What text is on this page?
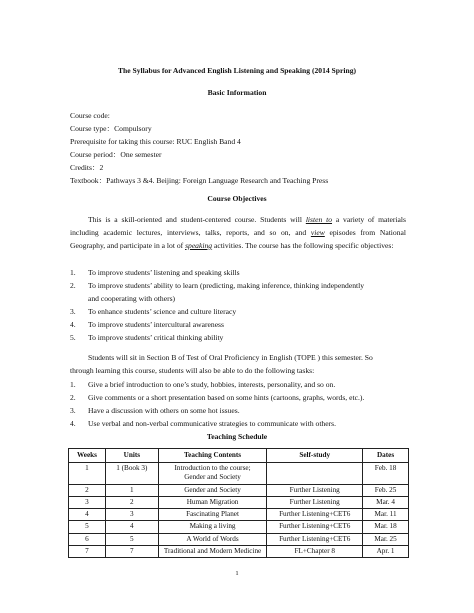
The Syllabus for Advanced English Listening and Speaking (2014 Spring)
Basic Information
Course code:
Course type：Compulsory
Prerequisite for taking this course: RUC English Band 4
Course period：One semester
Credits：2
Textbook：Pathways 3 &4. Beijing: Foreign Language Research and Teaching Press
Course Objectives
This is a skill-oriented and student-centered course. Students will listen to a variety of materials including academic lectures, interviews, talks, reports, and so on, and view episodes from National Geography, and participate in a lot of speaking activities. The course has the following specific objectives:
1. To improve students’ listening and speaking skills
2. To improve students’ ability to learn (predicting, making inference, thinking independently
and cooperating with others)
3. To enhance students’ science and culture literacy
4. To improve students’ intercultural awareness
5. To improve students’ critical thinking ability
Students will sit in Section B of Test of Oral Proficiency in English (TOPE ) this semester. So
through learning this course, students will also be able to do the following tasks:
1. Give a brief introduction to one’s study, hobbies, interests, personality, and so on.
2. Give comments or a short presentation based on some hints (cartoons, graphs, words, etc.).
3. Have a discussion with others on some hot issues.
4. Use verbal and non-verbal communicative strategies to communicate with others.
Teaching Schedule
Weeks	Units	Teaching Contents	Self-study	Dates
1	1 (Book 3)	Introduction to the course;
Gender and Society		Feb. 18
2	1	Gender and Society	Further Listening	Feb. 25
3	2	Human Migration	Further Listening	Mar. 4
4	3	Fascinating Planet	Further Listening+CET6	Mar. 11
5	4	Making a living	Further Listening+CET6	Mar. 18
6	5	A World of Words	Further Listening+CET6	Mar. 25
7	7	Traditional and Modern Medicine	FL+Chapter 8	Apr. 1
1
